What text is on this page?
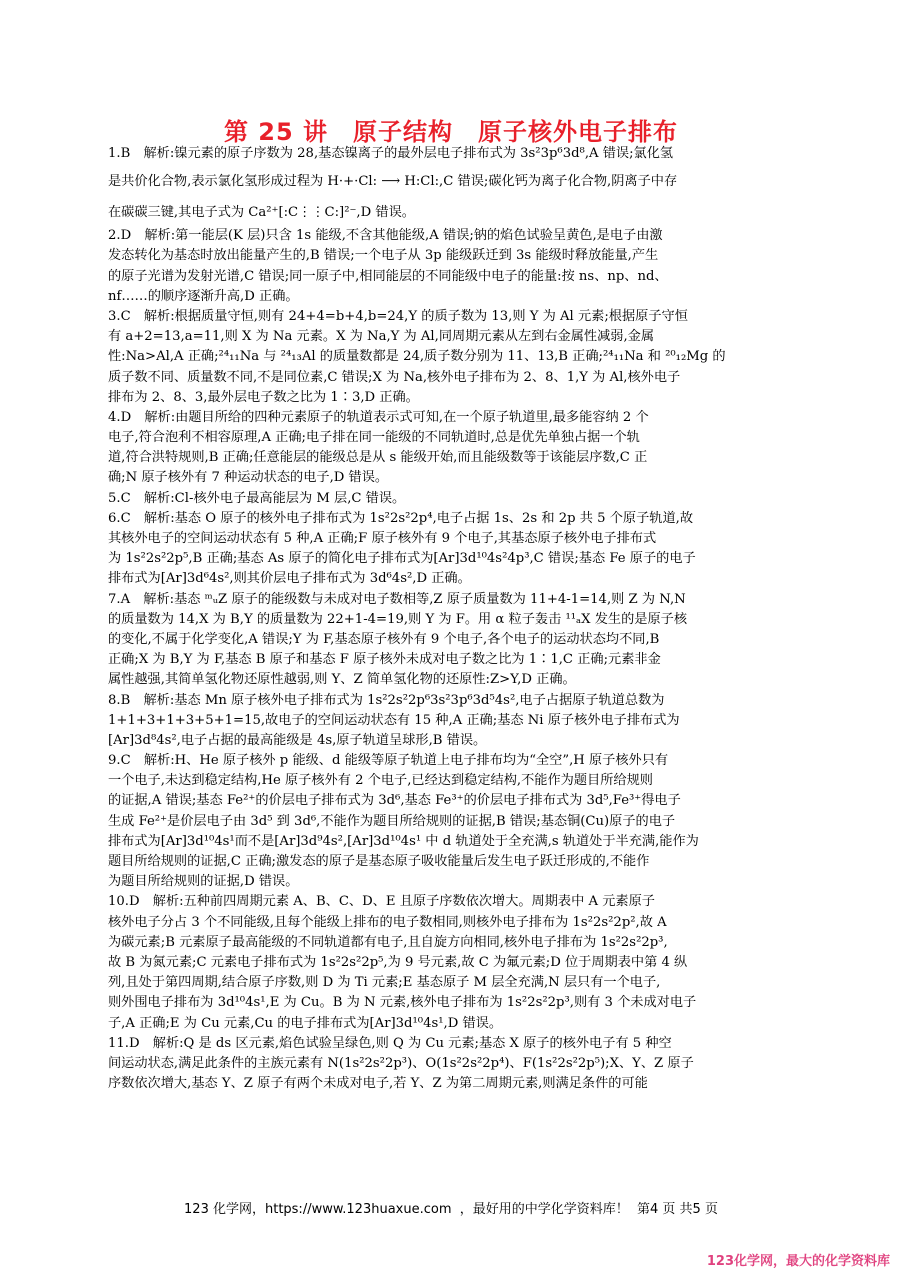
第 25 讲　原子结构　原子核外电子排布
1.B　解析:镍元素的原子序数为 28,基态镍离子的最外层电子排布式为 3s²3p⁶3d⁸,A 错误;氯化氢
是共价化合物,表示氯化氢形成过程为 H·+·Cl: ⟶ H:Cl:,C 错误;碳化钙为离子化合物,阴离子中存
在碳碳三键,其电子式为 Ca²⁺[:C⋮⋮C:]²⁻,D 错误。
2.D　解析:第一能层(K 层)只含 1s 能级,不含其他能级,A 错误;钠的焰色试验呈黄色,是电子由激
发态转化为基态时放出能量产生的,B 错误;一个电子从 3p 能级跃迁到 3s 能级时释放能量,产生
的原子光谱为发射光谱,C 错误;同一原子中,相同能层的不同能级中电子的能量:按 ns、np、nd、
nf……的顺序逐渐升高,D 正确。
3.C　解析:根据质量守恒,则有 24+4=b+4,b=24,Y 的质子数为 13,则 Y 为 Al 元素;根据原子守恒
有 a+2=13,a=11,则 X 为 Na 元素。X 为 Na,Y 为 Al,同周期元素从左到右金属性减弱,金属
性:Na>Al,A 正确;²⁴₁₁Na 与 ²⁴₁₃Al 的质量数都是 24,质子数分别为 11、13,B 正确;²⁴₁₁Na 和 ²⁰₁₂Mg 的
质子数不同、质量数不同,不是同位素,C 错误;X 为 Na,核外电子排布为 2、8、1,Y 为 Al,核外电子
排布为 2、8、3,最外层电子数之比为 1∶3,D 正确。
4.D　解析:由题目所给的四种元素原子的轨道表示式可知,在一个原子轨道里,最多能容纳 2 个
电子,符合泡利不相容原理,A 正确;电子排在同一能级的不同轨道时,总是优先单独占据一个轨
道,符合洪特规则,B 正确;任意能层的能级总是从 s 能级开始,而且能级数等于该能层序数,C 正
确;N 原子核外有 7 种运动状态的电子,D 错误。
5.C　解析:Cl-核外电子最高能层为 M 层,C 错误。
6.C　解析:基态 O 原子的核外电子排布式为 1s²2s²2p⁴,电子占据 1s、2s 和 2p 共 5 个原子轨道,故
其核外电子的空间运动状态有 5 种,A 正确;F 原子核外有 9 个电子,其基态原子核外电子排布式
为 1s²2s²2p⁵,B 正确;基态 As 原子的简化电子排布式为[Ar]3d¹⁰4s²4p³,C 错误;基态 Fe 原子的电子
排布式为[Ar]3d⁶4s²,则其价层电子排布式为 3d⁶4s²,D 正确。
7.A　解析:基态 ᵐᵤZ 原子的能级数与未成对电子数相等,Z 原子质量数为 11+4-1=14,则 Z 为 N,N
的质量数为 14,X 为 B,Y 的质量数为 22+1-4=19,则 Y 为 F。用 α 粒子轰击 ¹¹ₐX 发生的是原子核
的变化,不属于化学变化,A 错误;Y 为 F,基态原子核外有 9 个电子,各个电子的运动状态均不同,B
正确;X 为 B,Y 为 F,基态 B 原子和基态 F 原子核外未成对电子数之比为 1∶1,C 正确;元素非金
属性越强,其简单氢化物还原性越弱,则 Y、Z 简单氢化物的还原性:Z>Y,D 正确。
8.B　解析:基态 Mn 原子核外电子排布式为 1s²2s²2p⁶3s²3p⁶3d⁵4s²,电子占据原子轨道总数为
1+1+3+1+3+5+1=15,故电子的空间运动状态有 15 种,A 正确;基态 Ni 原子核外电子排布式为
[Ar]3d⁸4s²,电子占据的最高能级是 4s,原子轨道呈球形,B 错误。
9.C　解析:H、He 原子核外 p 能级、d 能级等原子轨道上电子排布均为“全空”,H 原子核外只有
一个电子,未达到稳定结构,He 原子核外有 2 个电子,已经达到稳定结构,不能作为题目所给规则
的证据,A 错误;基态 Fe²⁺的价层电子排布式为 3d⁶,基态 Fe³⁺的价层电子排布式为 3d⁵,Fe³⁺得电子
生成 Fe²⁺是价层电子由 3d⁵ 到 3d⁶,不能作为题目所给规则的证据,B 错误;基态铜(Cu)原子的电子
排布式为[Ar]3d¹⁰4s¹而不是[Ar]3d⁹4s²,[Ar]3d¹⁰4s¹ 中 d 轨道处于全充满,s 轨道处于半充满,能作为
题目所给规则的证据,C 正确;激发态的原子是基态原子吸收能量后发生电子跃迁形成的,不能作
为题目所给规则的证据,D 错误。
10.D　解析:五种前四周期元素 A、B、C、D、E 且原子序数依次增大。周期表中 A 元素原子
核外电子分占 3 个不同能级,且每个能级上排布的电子数相同,则核外电子排布为 1s²2s²2p²,故 A
为碳元素;B 元素原子最高能级的不同轨道都有电子,且自旋方向相同,核外电子排布为 1s²2s²2p³,
故 B 为氮元素;C 元素电子排布式为 1s²2s²2p⁵,为 9 号元素,故 C 为氟元素;D 位于周期表中第 4 纵
列,且处于第四周期,结合原子序数,则 D 为 Ti 元素;E 基态原子 M 层全充满,N 层只有一个电子,
则外围电子排布为 3d¹⁰4s¹,E 为 Cu。B 为 N 元素,核外电子排布为 1s²2s²2p³,则有 3 个未成对电子
子,A 正确;E 为 Cu 元素,Cu 的电子排布式为[Ar]3d¹⁰4s¹,D 错误。
11.D　解析:Q 是 ds 区元素,焰色试验呈绿色,则 Q 为 Cu 元素;基态 X 原子的核外电子有 5 种空
间运动状态,满足此条件的主族元素有 N(1s²2s²2p³)、O(1s²2s²2p⁴)、F(1s²2s²2p⁵);X、Y、Z 原子
序数依次增大,基态 Y、Z 原子有两个未成对电子,若 Y、Z 为第二周期元素,则满足条件的可能
123 化学网，https://www.123huaxue.com  ，最好用的中学化学资料库！  第4 页 共5 页
123化学网，最大的化学资料库
